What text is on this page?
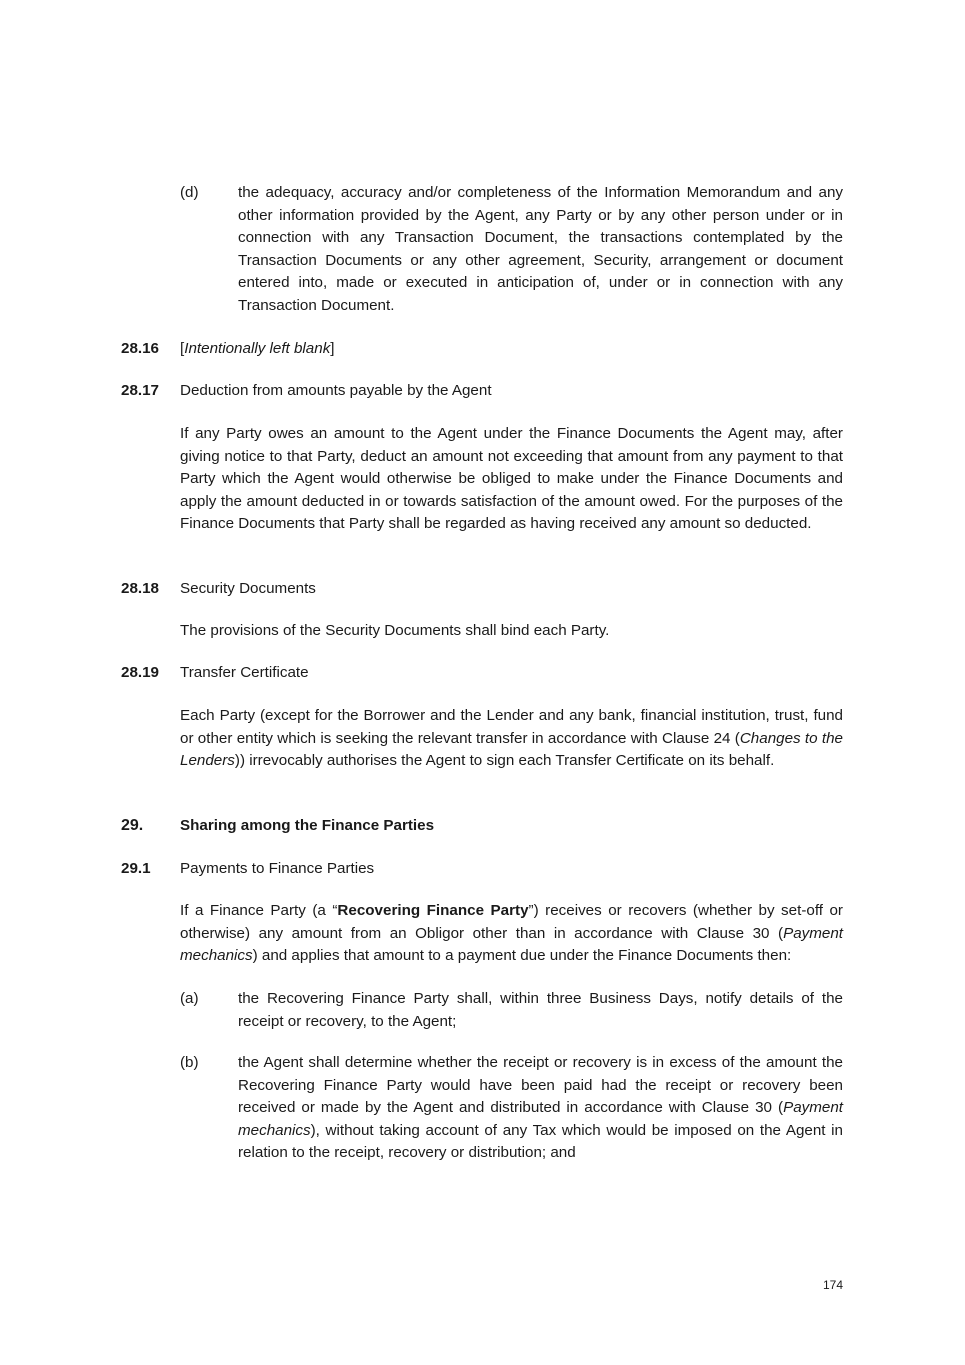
(d)	the adequacy, accuracy and/or completeness of the Information Memorandum and any other information provided by the Agent, any Party or by any other person under or in connection with any Transaction Document, the transactions contemplated by the Transaction Documents or any other agreement, Security, arrangement or document entered into, made or executed in anticipation of, under or in connection with any Transaction Document.
28.16 [Intentionally left blank]
28.17 Deduction from amounts payable by the Agent
If any Party owes an amount to the Agent under the Finance Documents the Agent may, after giving notice to that Party, deduct an amount not exceeding that amount from any payment to that Party which the Agent would otherwise be obliged to make under the Finance Documents and apply the amount deducted in or towards satisfaction of the amount owed. For the purposes of the Finance Documents that Party shall be regarded as having received any amount so deducted.
28.18 Security Documents
The provisions of the Security Documents shall bind each Party.
28.19 Transfer Certificate
Each Party (except for the Borrower and the Lender and any bank, financial institution, trust, fund or other entity which is seeking the relevant transfer in accordance with Clause 24 (Changes to the Lenders)) irrevocably authorises the Agent to sign each Transfer Certificate on its behalf.
29. Sharing among the Finance Parties
29.1 Payments to Finance Parties
If a Finance Party (a “Recovering Finance Party”) receives or recovers (whether by set-off or otherwise) any amount from an Obligor other than in accordance with Clause 30 (Payment mechanics) and applies that amount to a payment due under the Finance Documents then:
(a)	the Recovering Finance Party shall, within three Business Days, notify details of the receipt or recovery, to the Agent;
(b)	the Agent shall determine whether the receipt or recovery is in excess of the amount the Recovering Finance Party would have been paid had the receipt or recovery been received or made by the Agent and distributed in accordance with Clause 30 (Payment mechanics), without taking account of any Tax which would be imposed on the Agent in relation to the receipt, recovery or distribution; and
174
